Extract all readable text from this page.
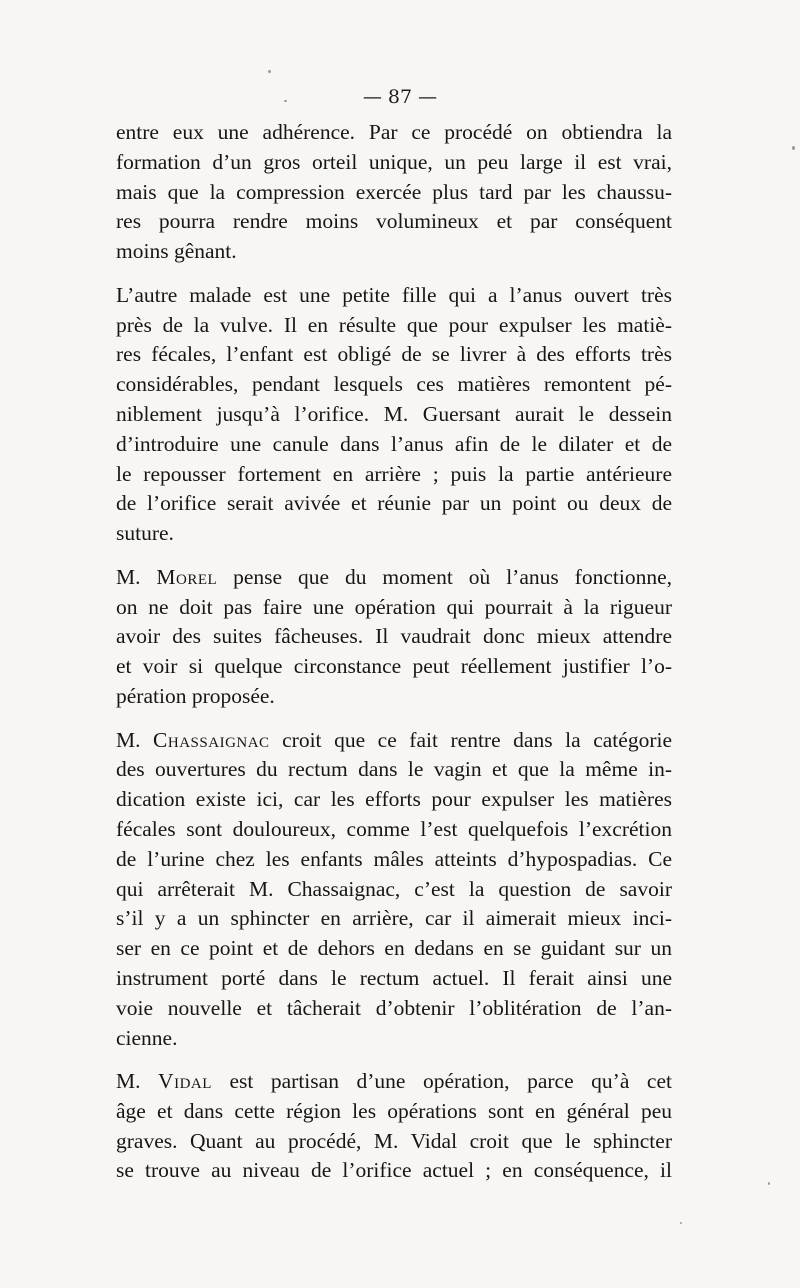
— 87 —

entre eux une adhérence. Par ce procédé on obtiendra la
formation d’un gros orteil unique, un peu large il est vrai,
mais que la compression exercée plus tard par les chaussu-
res pourra rendre moins volumineux et par conséquent
moins gênant.

L’autre malade est une petite fille qui a l’anus ouvert très
près de la vulve. Il en résulte que pour expulser les matiè-
res fécales, l’enfant est obligé de se livrer à des efforts très
considérables, pendant lesquels ces matières remontent pé-
niblement jusqu’à l’orifice. M. Guersant aurait le dessein
d’introduire une canule dans l’anus afin de le dilater et de
le repousser fortement en arrière ; puis la partie antérieure
de l’orifice serait avivée et réunie par un point ou deux de
suture.

M. Morel pense que du moment où l’anus fonctionne,
on ne doit pas faire une opération qui pourrait à la rigueur
avoir des suites fâcheuses. Il vaudrait donc mieux attendre
et voir si quelque circonstance peut réellement justifier l’o-
pération proposée.

M. Chassaignac croit que ce fait rentre dans la catégorie
des ouvertures du rectum dans le vagin et que la même in-
dication existe ici, car les efforts pour expulser les matières
fécales sont douloureux, comme l’est quelquefois l’excrétion
de l’urine chez les enfants mâles atteints d’hypospadias. Ce
qui arrêterait M. Chassaignac, c’est la question de savoir
s’il y a un sphincter en arrière, car il aimerait mieux inci-
ser en ce point et de dehors en dedans en se guidant sur un
instrument porté dans le rectum actuel. Il ferait ainsi une
voie nouvelle et tâcherait d’obtenir l’oblitération de l’an-
cienne.

M. Vidal est partisan d’une opération, parce qu’à cet
âge et dans cette région les opérations sont en général peu
graves. Quant au procédé, M. Vidal croit que le sphincter
se trouve au niveau de l’orifice actuel ; en conséquence, il
